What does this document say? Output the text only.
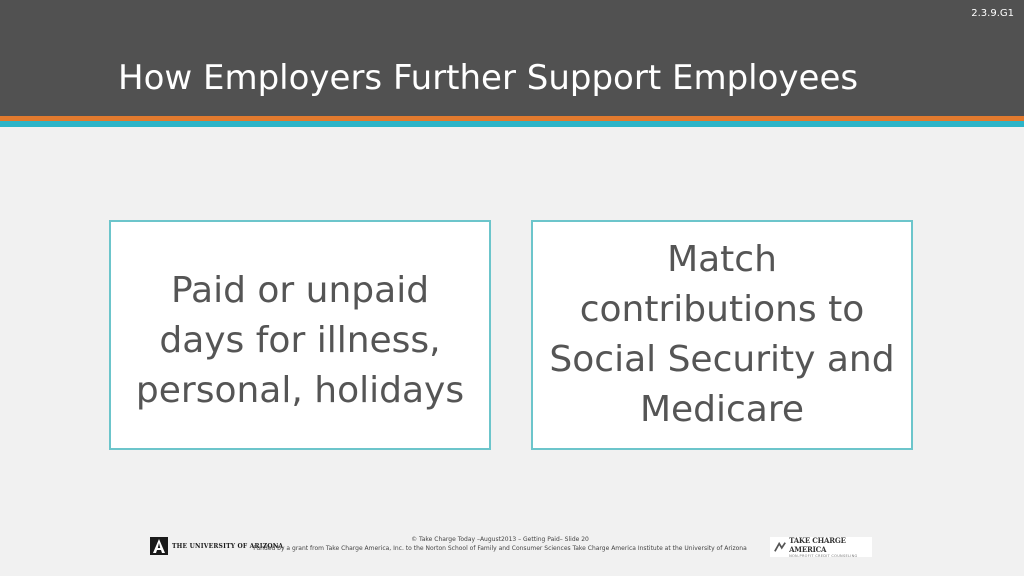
2.3.9.G1
How Employers Further Support Employees
Paid or unpaid days for illness, personal, holidays
Match contributions to Social Security and Medicare
THE UNIVERSITY OF ARIZONA
© Take Charge Today –August2013 – Getting Paid– Slide 20
Funded by a grant from Take Charge America, Inc. to the Norton School of Family and Consumer Sciences Take Charge America Institute at the University of Arizona
TAKE CHARGE AMERICA
NON-PROFIT CREDIT COUNSELING
